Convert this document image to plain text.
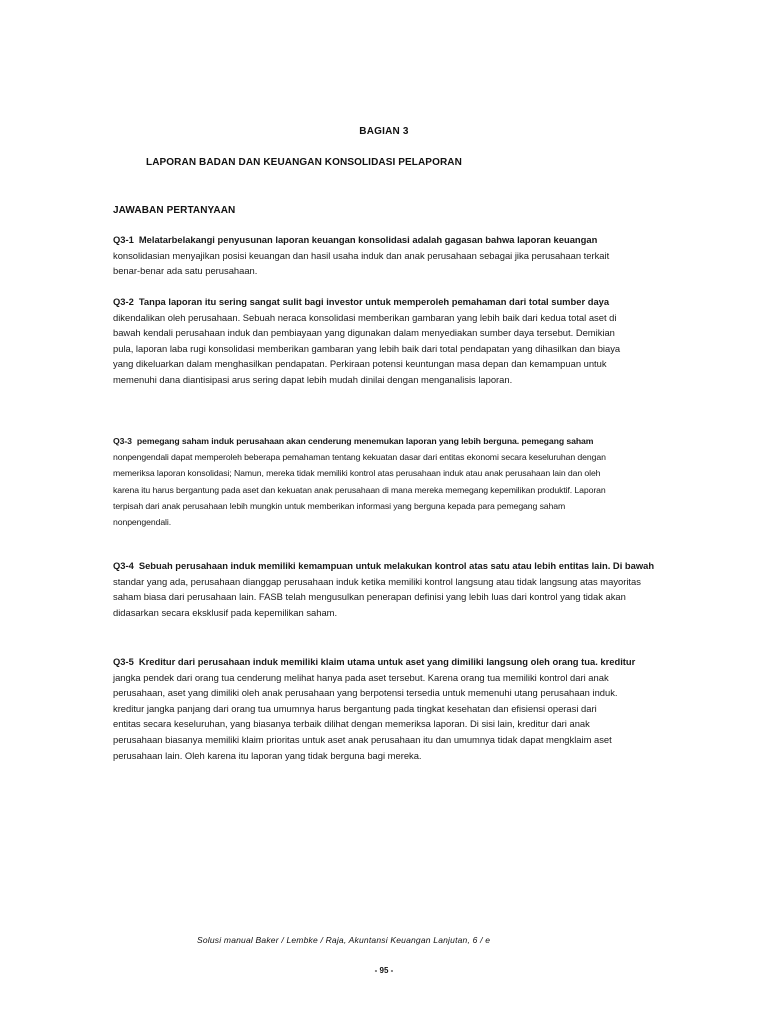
BAGIAN 3
LAPORAN BADAN DAN KEUANGAN KONSOLIDASI PELAPORAN
JAWABAN PERTANYAAN
Q3-1 Melatarbelakangi penyusunan laporan keuangan konsolidasi adalah gagasan bahwa laporan keuangan
konsolidasian menyajikan posisi keuangan dan hasil usaha induk dan anak perusahaan sebagai jika perusahaan terkait
benar-benar ada satu perusahaan.
Q3-2 Tanpa laporan itu sering sangat sulit bagi investor untuk memperoleh pemahaman dari total sumber daya
dikendalikan oleh perusahaan. Sebuah neraca konsolidasi memberikan gambaran yang lebih baik dari kedua total aset di
bawah kendali perusahaan induk dan pembiayaan yang digunakan dalam menyediakan sumber daya tersebut. Demikian
pula, laporan laba rugi konsolidasi memberikan gambaran yang lebih baik dari total pendapatan yang dihasilkan dan biaya
yang dikeluarkan dalam menghasilkan pendapatan. Perkiraan potensi keuntungan masa depan dan kemampuan untuk
memenuhi dana diantisipasi arus sering dapat lebih mudah dinilai dengan menganalisis laporan.
Q3-3 pemegang saham induk perusahaan akan cenderung menemukan laporan yang lebih berguna. pemegang saham
nonpengendali dapat memperoleh beberapa pemahaman tentang kekuatan dasar dari entitas ekonomi secara keseluruhan dengan
memeriksa laporan konsolidasi; Namun, mereka tidak memiliki kontrol atas perusahaan induk atau anak perusahaan lain dan oleh
karena itu harus bergantung pada aset dan kekuatan anak perusahaan di mana mereka memegang kepemilikan produktif. Laporan
terpisah dari anak perusahaan lebih mungkin untuk memberikan informasi yang berguna kepada para pemegang saham
nonpengendali.
Q3-4 Sebuah perusahaan induk memiliki kemampuan untuk melakukan kontrol atas satu atau lebih entitas lain. Di bawah
standar yang ada, perusahaan dianggap perusahaan induk ketika memiliki kontrol langsung atau tidak langsung atas mayoritas
saham biasa dari perusahaan lain. FASB telah mengusulkan penerapan definisi yang lebih luas dari kontrol yang tidak akan
didasarkan secara eksklusif pada kepemilikan saham.
Q3-5 Kreditur dari perusahaan induk memiliki klaim utama untuk aset yang dimiliki langsung oleh orang tua. kreditur
jangka pendek dari orang tua cenderung melihat hanya pada aset tersebut. Karena orang tua memiliki kontrol dari anak
perusahaan, aset yang dimiliki oleh anak perusahaan yang berpotensi tersedia untuk memenuhi utang perusahaan induk.
kreditur jangka panjang dari orang tua umumnya harus bergantung pada tingkat kesehatan dan efisiensi operasi dari
entitas secara keseluruhan, yang biasanya terbaik dilihat dengan memeriksa laporan. Di sisi lain, kreditur dari anak
perusahaan biasanya memiliki klaim prioritas untuk aset anak perusahaan itu dan umumnya tidak dapat mengklaim aset
perusahaan lain. Oleh karena itu laporan yang tidak berguna bagi mereka.
Solusi manual Baker / Lembke / Raja, Akuntansi Keuangan Lanjutan, 6 / e
- 95 -
